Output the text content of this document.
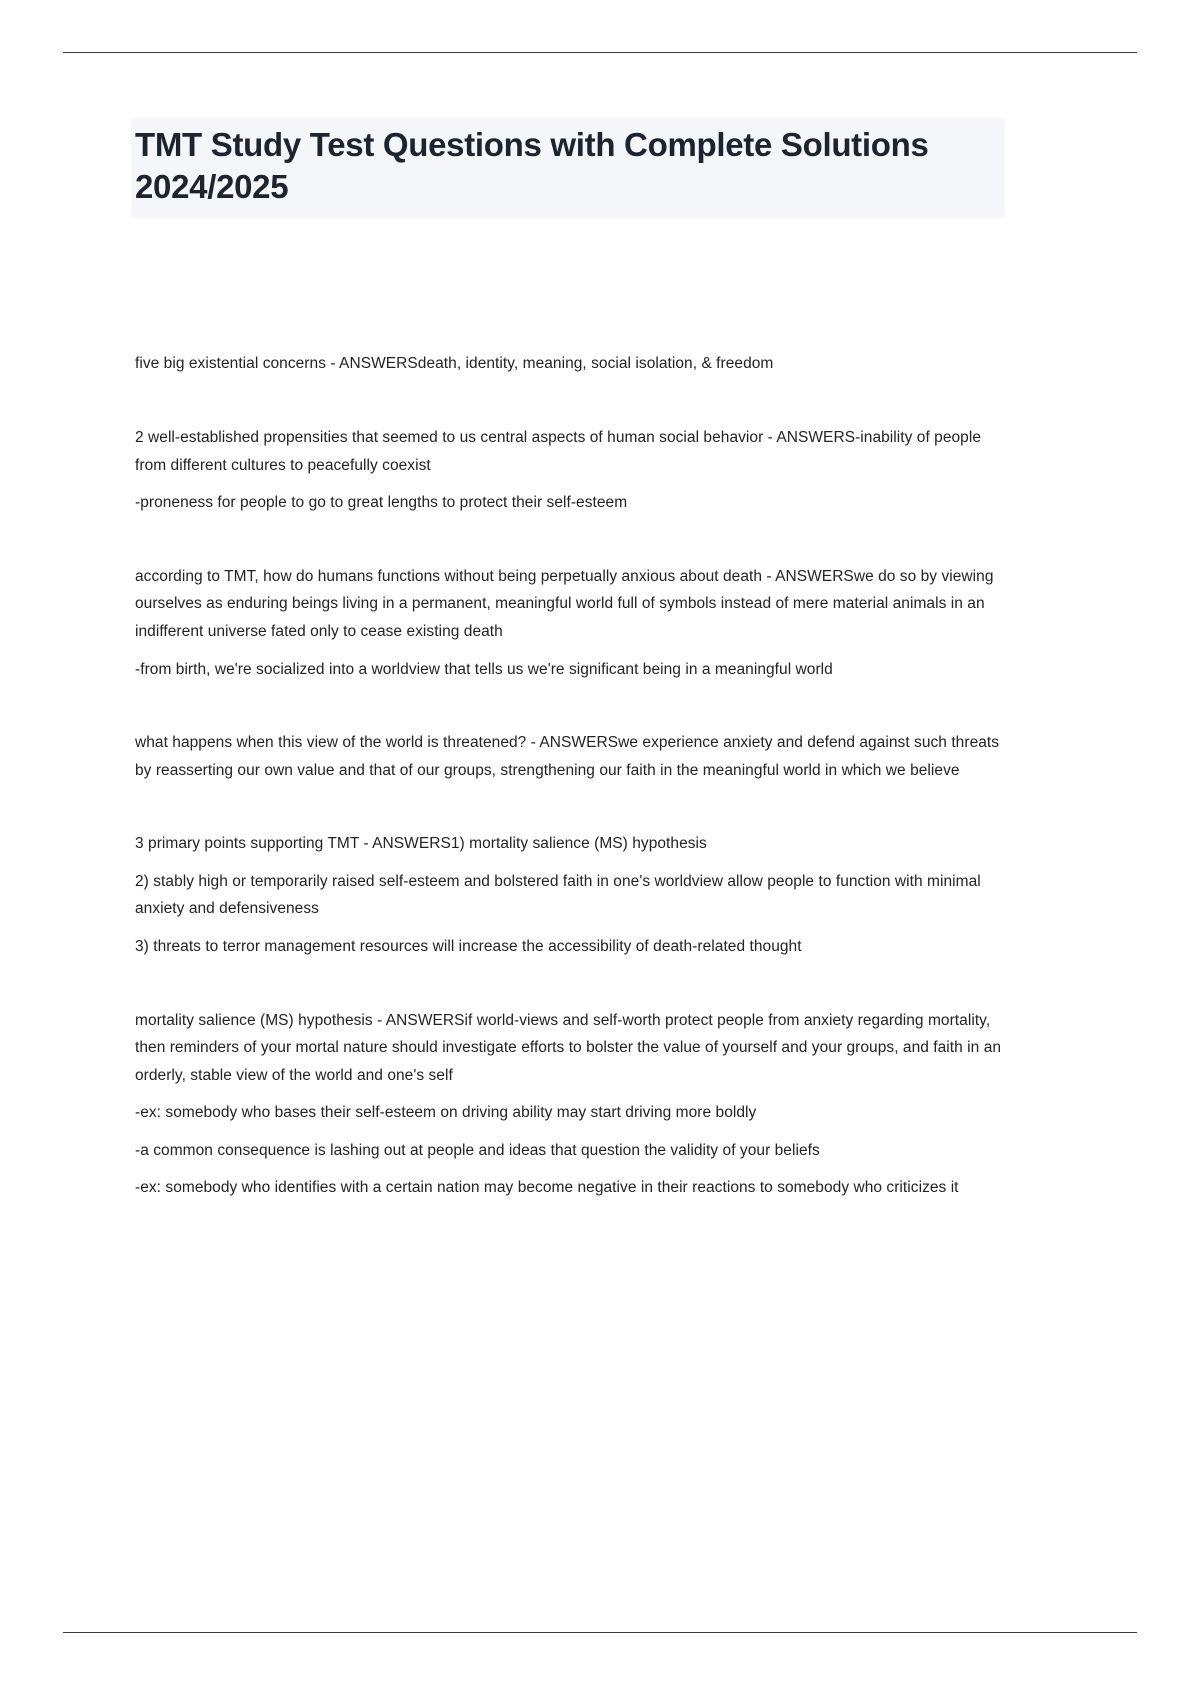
TMT Study Test Questions with Complete Solutions 2024/2025

five big existential concerns - ANSWERSdeath, identity, meaning, social isolation, & freedom

2 well-established propensities that seemed to us central aspects of human social behavior - ANSWERS-inability of people from different cultures to peacefully coexist

-proneness for people to go to great lengths to protect their self-esteem

according to TMT, how do humans functions without being perpetually anxious about death - ANSWERSwe do so by viewing ourselves as enduring beings living in a permanent, meaningful world full of symbols instead of mere material animals in an indifferent universe fated only to cease existing death

-from birth, we're socialized into a worldview that tells us we're significant being in a meaningful world

what happens when this view of the world is threatened? - ANSWERSwe experience anxiety and defend against such threats by reasserting our own value and that of our groups, strengthening our faith in the meaningful world in which we believe

3 primary points supporting TMT - ANSWERS1) mortality salience (MS) hypothesis

2) stably high or temporarily raised self-esteem and bolstered faith in one's worldview allow people to function with minimal anxiety and defensiveness

3) threats to terror management resources will increase the accessibility of death-related thought

mortality salience (MS) hypothesis - ANSWERSif world-views and self-worth protect people from anxiety regarding mortality, then reminders of your mortal nature should investigate efforts to bolster the value of yourself and your groups, and faith in an orderly, stable view of the world and one's self

-ex: somebody who bases their self-esteem on driving ability may start driving more boldly

-a common consequence is lashing out at people and ideas that question the validity of your beliefs

-ex: somebody who identifies with a certain nation may become negative in their reactions to somebody who criticizes it
